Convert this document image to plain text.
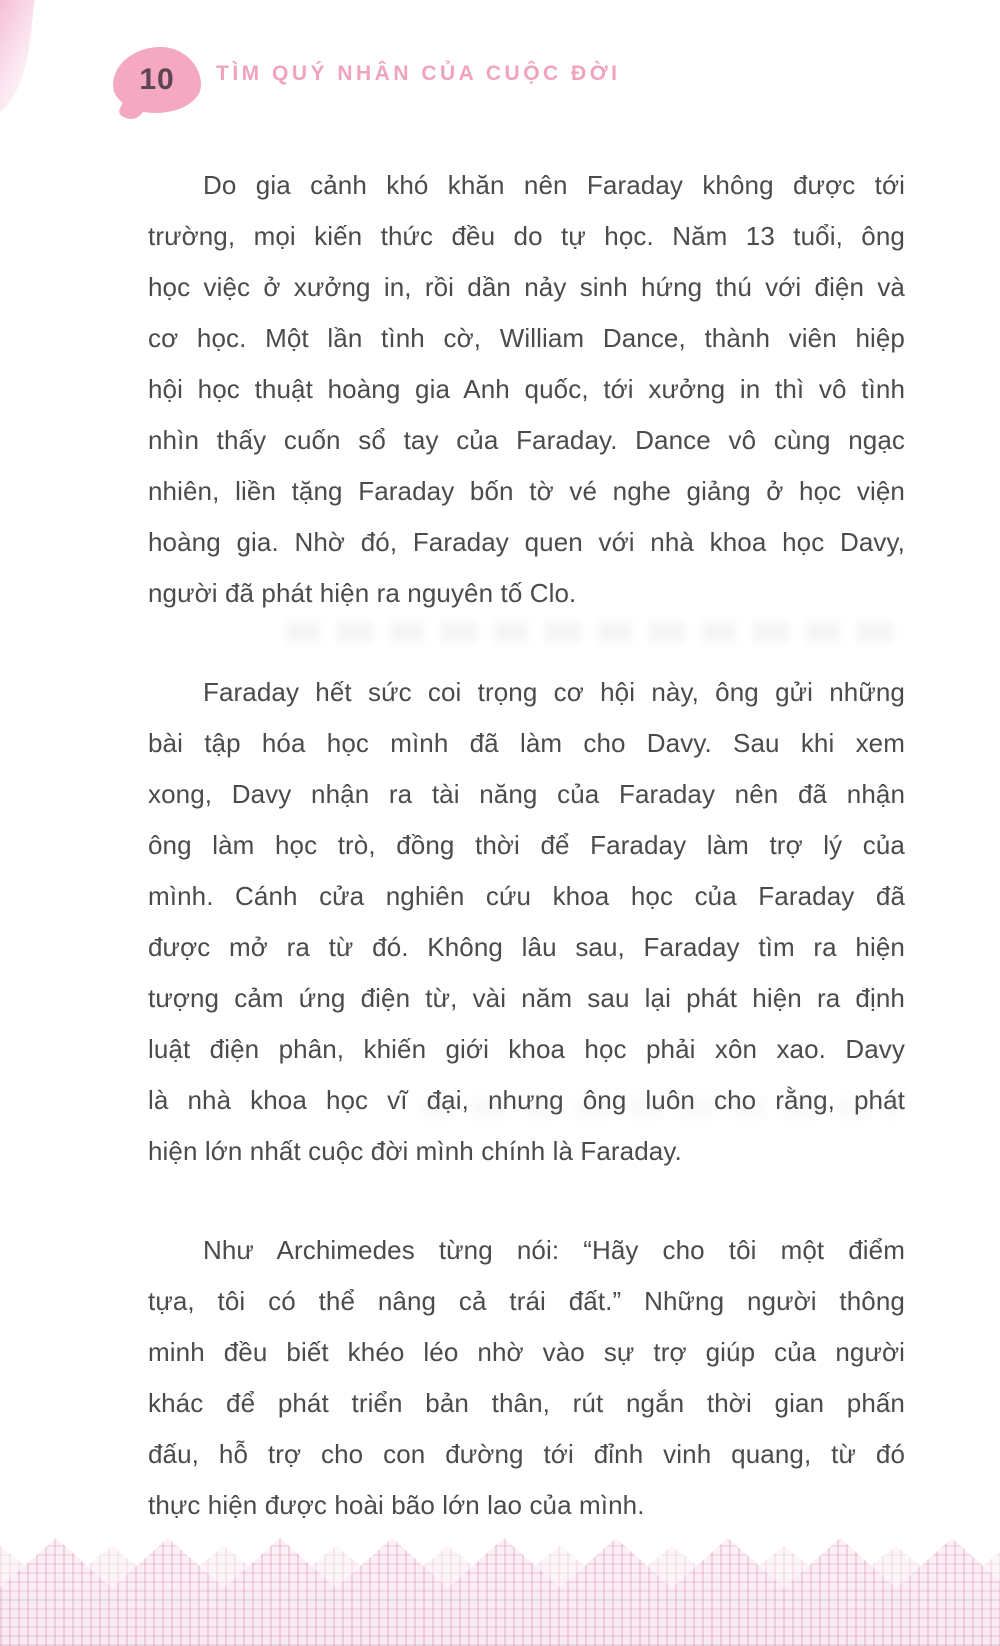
10 TÌM QUÝ NHÂN CỦA CUỘC ĐỜI
Do gia cảnh khó khăn nên Faraday không được tới
trường, mọi kiến thức đều do tự học. Năm 13 tuổi, ông
học việc ở xưởng in, rồi dần nảy sinh hứng thú với điện và
cơ học. Một lần tình cờ, William Dance, thành viên hiệp
hội học thuật hoàng gia Anh quốc, tới xưởng in thì vô tình
nhìn thấy cuốn sổ tay của Faraday. Dance vô cùng ngạc
nhiên, liền tặng Faraday bốn tờ vé nghe giảng ở học viện
hoàng gia. Nhờ đó, Faraday quen với nhà khoa học Davy,
người đã phát hiện ra nguyên tố Clo.
Faraday hết sức coi trọng cơ hội này, ông gửi những
bài tập hóa học mình đã làm cho Davy. Sau khi xem
xong, Davy nhận ra tài năng của Faraday nên đã nhận
ông làm học trò, đồng thời để Faraday làm trợ lý của
mình. Cánh cửa nghiên cứu khoa học của Faraday đã
được mở ra từ đó. Không lâu sau, Faraday tìm ra hiện
tượng cảm ứng điện từ, vài năm sau lại phát hiện ra định
luật điện phân, khiến giới khoa học phải xôn xao. Davy
là nhà khoa học vĩ đại, nhưng ông luôn cho rằng, phát
hiện lớn nhất cuộc đời mình chính là Faraday.
Như Archimedes từng nói: “Hãy cho tôi một điểm
tựa, tôi có thể nâng cả trái đất.” Những người thông
minh đều biết khéo léo nhờ vào sự trợ giúp của người
khác để phát triển bản thân, rút ngắn thời gian phấn
đấu, hỗ trợ cho con đường tới đỉnh vinh quang, từ đó
thực hiện được hoài bão lớn lao của mình.
